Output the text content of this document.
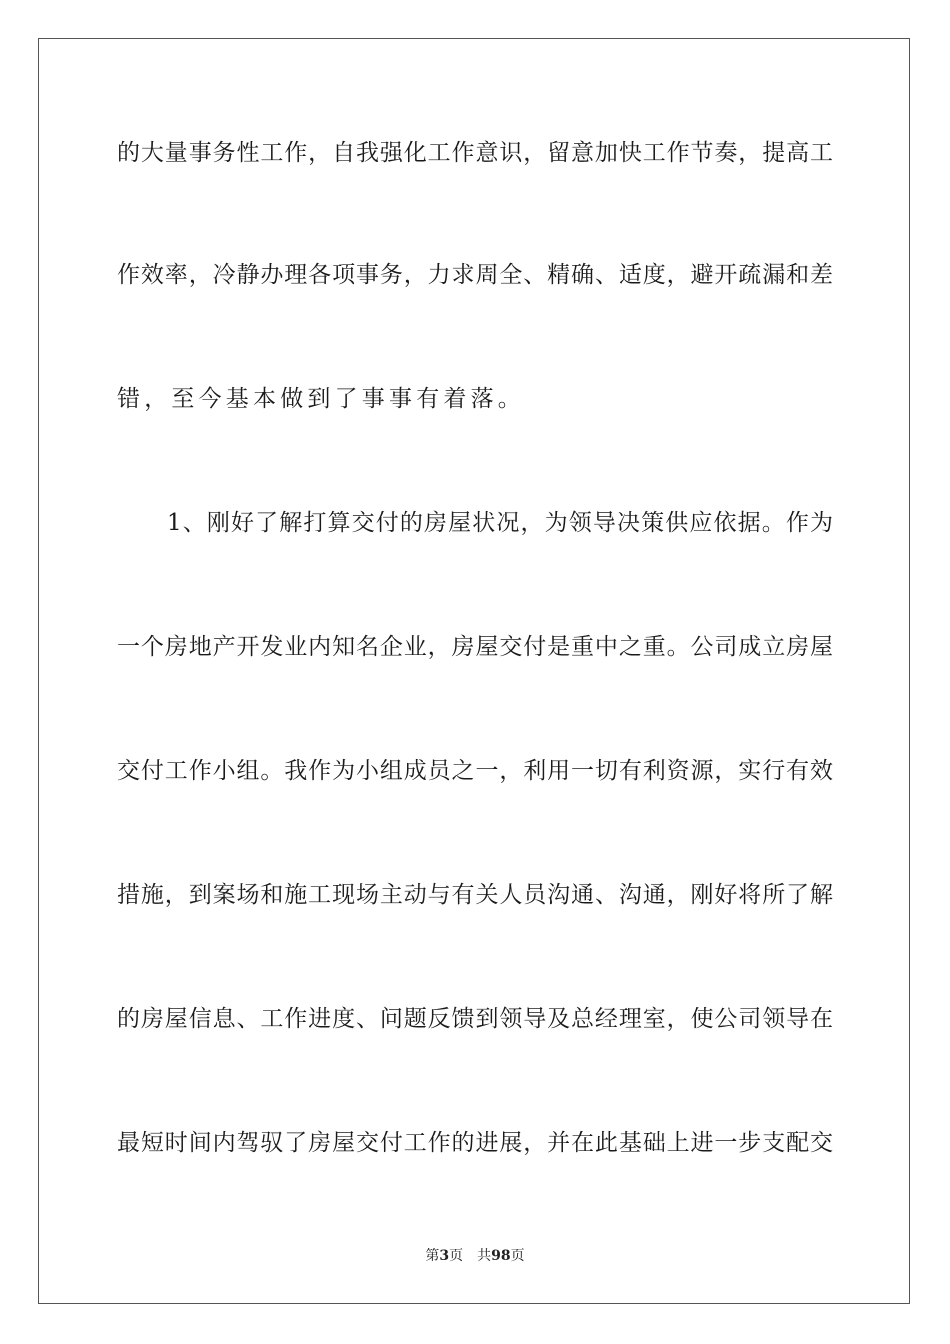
的大量事务性工作，自我强化工作意识，留意加快工作节奏，提高工
作效率，冷静办理各项事务，力求周全、精确、适度，避开疏漏和差
错，至今基本做到了事事有着落。
1、刚好了解打算交付的房屋状况，为领导决策供应依据。作为
一个房地产开发业内知名企业，房屋交付是重中之重。公司成立房屋
交付工作小组。我作为小组成员之一，利用一切有利资源，实行有效
措施，到案场和施工现场主动与有关人员沟通、沟通，刚好将所了解
的房屋信息、工作进度、问题反馈到领导及总经理室，使公司领导在
最短时间内驾驭了房屋交付工作的进展，并在此基础上进一步支配交
第3页 共98页
